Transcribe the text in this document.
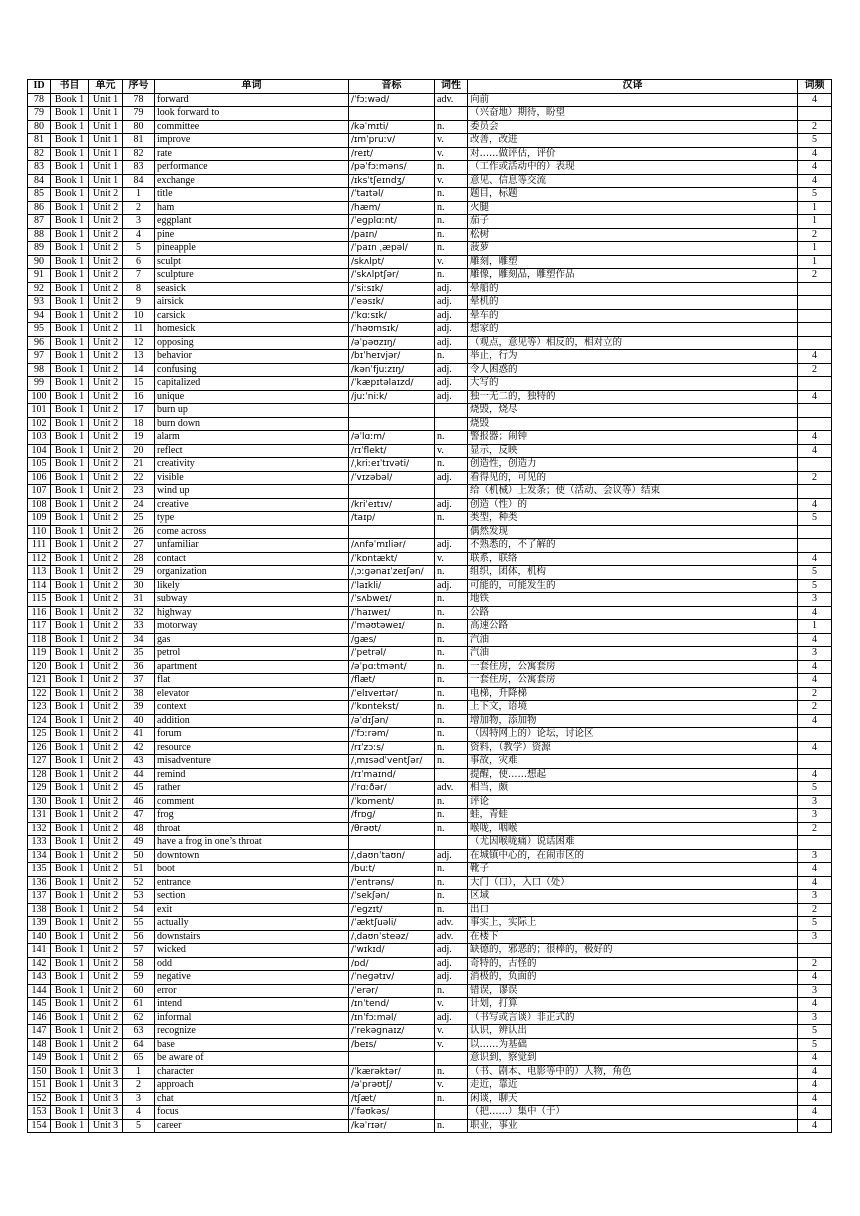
ID	书目	单元	序号	单词	音标	词性	汉译	词频
78	Book 1	Unit 1	78	forward	/ˈfɔːwəd/	adv.	向前	4
79	Book 1	Unit 1	79	look forward to			（兴奋地）期待，盼望	
80	Book 1	Unit 1	80	committee	/kəˈmɪti/	n.	委员会	2
81	Book 1	Unit 1	81	improve	/ɪmˈpruːv/	v.	改善，改进	5
82	Book 1	Unit 1	82	rate	/reɪt/	v.	对……做评估，评价	4
83	Book 1	Unit 1	83	performance	/pəˈfɔːməns/	n.	（工作或活动中的）表现	4
84	Book 1	Unit 1	84	exchange	/ɪksˈtʃeɪndʒ/	v.	意见、信息等交流	4
85	Book 1	Unit 2	1	title	/ˈtaɪtəl/	n.	题目，标题	5
86	Book 1	Unit 2	2	ham	/hæm/	n.	火腿	1
87	Book 1	Unit 2	3	eggplant	/ˈeɡplɑːnt/	n.	茄子	1
88	Book 1	Unit 2	4	pine	/paɪn/	n.	松树	2
89	Book 1	Unit 2	5	pineapple	/ˈpaɪn ˌæpəl/	n.	菠萝	1
90	Book 1	Unit 2	6	sculpt	/skʌlpt/	v.	雕刻，雕塑	1
91	Book 1	Unit 2	7	sculpture	/ˈskʌlptʃər/	n.	雕像，雕刻品，雕塑作品	2
92	Book 1	Unit 2	8	seasick	/ˈsiːsɪk/	adj.	晕船的	
93	Book 1	Unit 2	9	airsick	/ˈeəsɪk/	adj.	晕机的	
94	Book 1	Unit 2	10	carsick	/ˈkɑːsɪk/	adj.	晕车的	
95	Book 1	Unit 2	11	homesick	/ˈhəʊmsɪk/	adj.	想家的	
96	Book 1	Unit 2	12	opposing	/əˈpəʊzɪŋ/	adj.	（观点，意见等）相反的，相对立的	
97	Book 1	Unit 2	13	behavior	/bɪˈheɪvjər/	n.	举止，行为	4
98	Book 1	Unit 2	14	confusing	/kənˈfjuːzɪŋ/	adj.	令人困惑的	2
99	Book 1	Unit 2	15	capitalized	/ˈkæpɪtəlaɪzd/	adj.	大写的	
100	Book 1	Unit 2	16	unique	/juːˈniːk/	adj.	独一无二的，独特的	4
101	Book 1	Unit 2	17	burn up			烧毁，烧尽	
102	Book 1	Unit 2	18	burn down			烧毁	
103	Book 1	Unit 2	19	alarm	/əˈlɑːm/	n.	警报器；闹钟	4
104	Book 1	Unit 2	20	reflect	/rɪˈflekt/	v.	显示，反映	4
105	Book 1	Unit 2	21	creativity	/ˌkriːeɪˈtɪvəti/	n.	创造性，创造力	
106	Book 1	Unit 2	22	visible	/ˈvɪzəbəl/	adj.	看得见的，可见的	2
107	Book 1	Unit 2	23	wind up			给（机械）上发条；使（活动、会议等）结束	
108	Book 1	Unit 2	24	creative	/kriˈeɪtɪv/	adj.	创造（性）的	4
109	Book 1	Unit 2	25	type	/taɪp/	n.	类型，种类	5
110	Book 1	Unit 2	26	come across			偶然发现	
111	Book 1	Unit 2	27	unfamiliar	/ʌnfəˈmɪliər/	adj.	不熟悉的，不了解的	
112	Book 1	Unit 2	28	contact	/ˈkɒntækt/	v.	联系，联络	4
113	Book 1	Unit 2	29	organization	/ˌɔːɡənaɪˈzeɪʃən/	n.	组织，团体，机构	5
114	Book 1	Unit 2	30	likely	/ˈlaɪkli/	adj.	可能的，可能发生的	5
115	Book 1	Unit 2	31	subway	/ˈsʌbweɪ/	n.	地铁	3
116	Book 1	Unit 2	32	highway	/ˈhaɪweɪ/	n.	公路	4
117	Book 1	Unit 2	33	motorway	/ˈməʊtəweɪ/	n.	高速公路	1
118	Book 1	Unit 2	34	gas	/ɡæs/	n.	汽油	4
119	Book 1	Unit 2	35	petrol	/ˈpetrəl/	n.	汽油	3
120	Book 1	Unit 2	36	apartment	/əˈpɑːtmənt/	n.	一套住房，公寓套房	4
121	Book 1	Unit 2	37	flat	/flæt/	n.	一套住房，公寓套房	4
122	Book 1	Unit 2	38	elevator	/ˈelɪveɪtər/	n.	电梯，升降梯	2
123	Book 1	Unit 2	39	context	/ˈkɒntekst/	n.	上下文，语境	2
124	Book 1	Unit 2	40	addition	/əˈdɪʃən/	n.	增加物，添加物	4
125	Book 1	Unit 2	41	forum	/ˈfɔːrəm/	n.	（因特网上的）论坛，讨论区	
126	Book 1	Unit 2	42	resource	/rɪˈzɔːs/	n.	资料，（教学）资源	4
127	Book 1	Unit 2	43	misadventure	/ˌmɪsədˈventʃər/	n.	事故，灾难	
128	Book 1	Unit 2	44	remind	/rɪˈmaɪnd/		提醒，使……想起	4
129	Book 1	Unit 2	45	rather	/ˈrɑːðər/	adv.	相当，颇	5
130	Book 1	Unit 2	46	comment	/ˈkɒment/	n.	评论	3
131	Book 1	Unit 2	47	frog	/frɒɡ/	n.	蛙，青蛙	3
132	Book 1	Unit 2	48	throat	/θrəʊt/	n.	喉咙，咽喉	2
133	Book 1	Unit 2	49	have a frog in one’s throat			（尤因喉咙痛）说话困难	
134	Book 1	Unit 2	50	downtown	/ˌdaʊnˈtaʊn/	adj.	在城镇中心的，在闹市区的	3
135	Book 1	Unit 2	51	boot	/buːt/	n.	靴子	4
136	Book 1	Unit 2	52	entrance	/ˈentrəns/	n.	大门（口），入口（处）	4
137	Book 1	Unit 2	53	section	/ˈsekʃən/	n.	区域	3
138	Book 1	Unit 2	54	exit	/ˈeɡzɪt/	n.	出口	2
139	Book 1	Unit 2	55	actually	/ˈæktʃuəli/	adv.	事实上，实际上	5
140	Book 1	Unit 2	56	downstairs	/ˌdaʊnˈsteəz/	adv.	在楼下	3
141	Book 1	Unit 2	57	wicked	/ˈwɪkɪd/	adj.	缺德的，邪恶的；很棒的，极好的	
142	Book 1	Unit 2	58	odd	/ɒd/	adj.	奇特的，古怪的	2
143	Book 1	Unit 2	59	negative	/ˈneɡətɪv/	adj.	消极的，负面的	4
144	Book 1	Unit 2	60	error	/ˈerər/	n.	错误，谬误	3
145	Book 1	Unit 2	61	intend	/ɪnˈtend/	v.	计划，打算	4
146	Book 1	Unit 2	62	informal	/ɪnˈfɔːməl/	adj.	（书写或言谈）非正式的	3
147	Book 1	Unit 2	63	recognize	/ˈrekəɡnaɪz/	v.	认识，辨认出	5
148	Book 1	Unit 2	64	base	/beɪs/	v.	以……为基础	5
149	Book 1	Unit 2	65	be aware of			意识到，察觉到	4
150	Book 1	Unit 3	1	character	/ˈkærəktər/	n.	（书、剧本、电影等中的）人物，角色	4
151	Book 1	Unit 3	2	approach	/əˈprəʊtʃ/	v.	走近，靠近	4
152	Book 1	Unit 3	3	chat	/tʃæt/	n.	闲谈，聊天	4
153	Book 1	Unit 3	4	focus	/ˈfəʊkəs/		（把……）集中（于）	4
154	Book 1	Unit 3	5	career	/kəˈrɪər/	n.	职业，事业	4
